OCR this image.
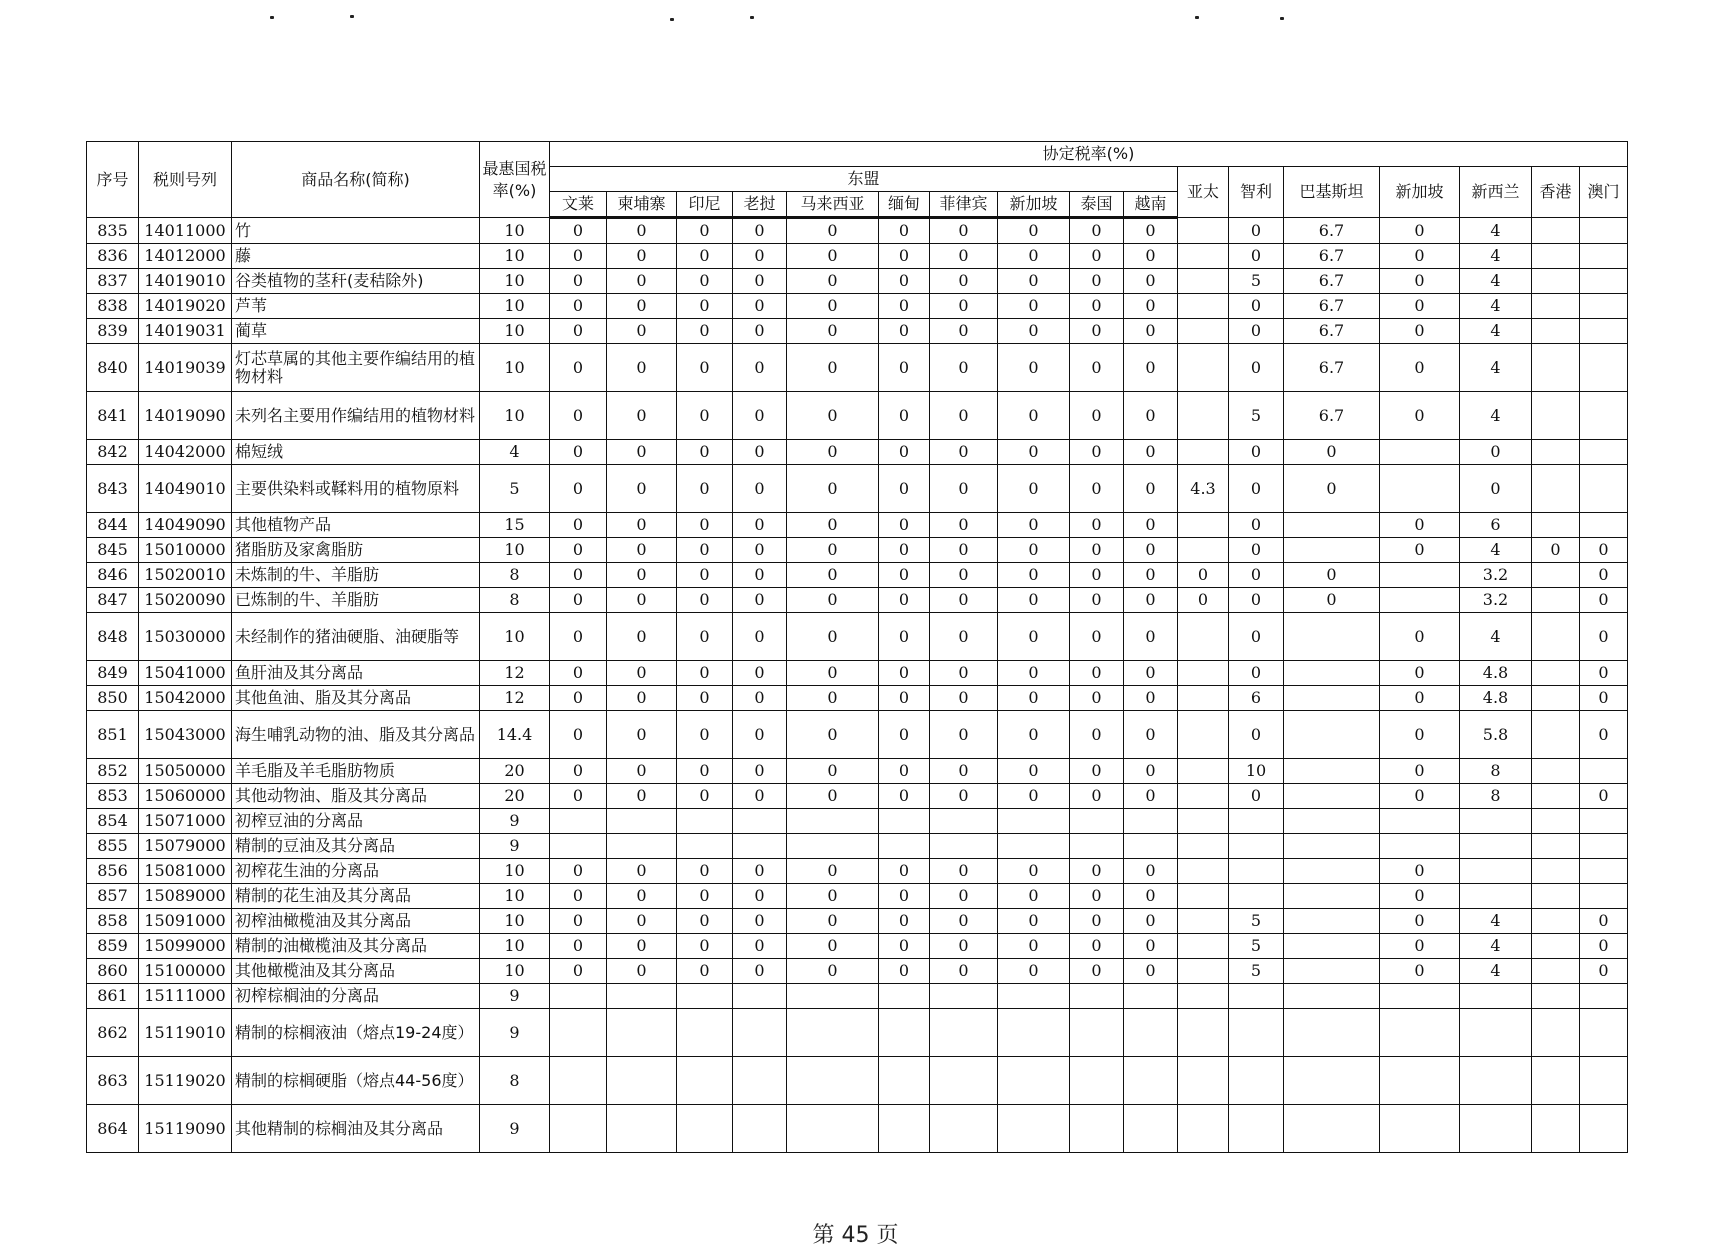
序号	税则号列	商品名称(简称)	最惠国税率(%)	协定税率(%)																
				东盟										亚太	智利	巴基斯坦	新加坡	新西兰	香港	澳门
				文莱	柬埔寨	印尼	老挝	马来西亚	缅甸	菲律宾	新加坡	泰国	越南							
835	14011000	竹	10	0	0	0	0	0	0	0	0	0	0		0	6.7	0	4		
836	14012000	藤	10	0	0	0	0	0	0	0	0	0	0		0	6.7	0	4		
837	14019010	谷类植物的茎秆(麦秸除外)	10	0	0	0	0	0	0	0	0	0	0		5	6.7	0	4		
838	14019020	芦苇	10	0	0	0	0	0	0	0	0	0	0		0	6.7	0	4		
839	14019031	蔺草	10	0	0	0	0	0	0	0	0	0	0		0	6.7	0	4		
840	14019039	灯芯草属的其他主要作编结用的植物材料	10	0	0	0	0	0	0	0	0	0	0		0	6.7	0	4		
841	14019090	未列名主要用作编结用的植物材料	10	0	0	0	0	0	0	0	0	0	0		5	6.7	0	4		
842	14042000	棉短绒	4	0	0	0	0	0	0	0	0	0	0		0	0		0		
843	14049010	主要供染料或鞣料用的植物原料	5	0	0	0	0	0	0	0	0	0	0	4.3	0	0		0		
844	14049090	其他植物产品	15	0	0	0	0	0	0	0	0	0	0		0		0	6		
845	15010000	猪脂肪及家禽脂肪	10	0	0	0	0	0	0	0	0	0	0		0		0	4	0	0
846	15020010	未炼制的牛、羊脂肪	8	0	0	0	0	0	0	0	0	0	0	0	0	0		3.2		0
847	15020090	已炼制的牛、羊脂肪	8	0	0	0	0	0	0	0	0	0	0	0	0	0		3.2		0
848	15030000	未经制作的猪油硬脂、油硬脂等	10	0	0	0	0	0	0	0	0	0	0		0		0	4		0
849	15041000	鱼肝油及其分离品	12	0	0	0	0	0	0	0	0	0	0		0		0	4.8		0
850	15042000	其他鱼油、脂及其分离品	12	0	0	0	0	0	0	0	0	0	0		6		0	4.8		0
851	15043000	海生哺乳动物的油、脂及其分离品	14.4	0	0	0	0	0	0	0	0	0	0		0		0	5.8		0
852	15050000	羊毛脂及羊毛脂肪物质	20	0	0	0	0	0	0	0	0	0	0		10		0	8		
853	15060000	其他动物油、脂及其分离品	20	0	0	0	0	0	0	0	0	0	0		0		0	8		0
854	15071000	初榨豆油的分离品	9																	
855	15079000	精制的豆油及其分离品	9																	
856	15081000	初榨花生油的分离品	10	0	0	0	0	0	0	0	0	0	0				0			
857	15089000	精制的花生油及其分离品	10	0	0	0	0	0	0	0	0	0	0				0			
858	15091000	初榨油橄榄油及其分离品	10	0	0	0	0	0	0	0	0	0	0		5		0	4		0
859	15099000	精制的油橄榄油及其分离品	10	0	0	0	0	0	0	0	0	0	0		5		0	4		0
860	15100000	其他橄榄油及其分离品	10	0	0	0	0	0	0	0	0	0	0		5		0	4		0
861	15111000	初榨棕榈油的分离品	9																	
862	15119010	精制的棕榈液油（熔点19-24度）	9																	
863	15119020	精制的棕榈硬脂（熔点44-56度）	8																	
864	15119090	其他精制的棕榈油及其分离品	9																	
第 45 页
